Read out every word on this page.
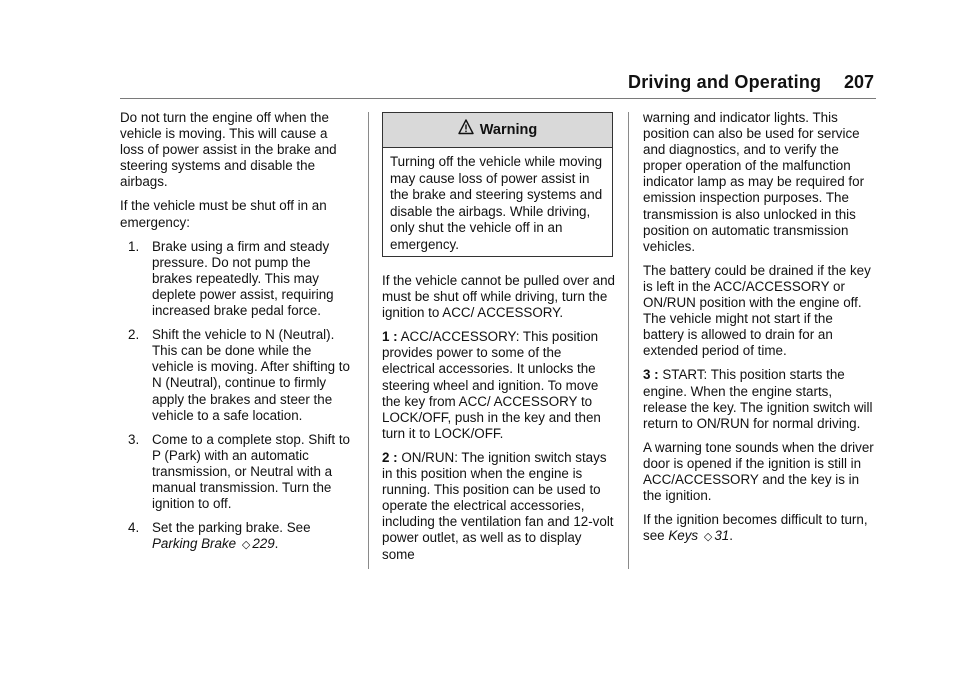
Driving and Operating 207

Do not turn the engine off when the vehicle is moving. This will cause a loss of power assist in the brake and steering systems and disable the airbags.

If the vehicle must be shut off in an emergency:

1. Brake using a firm and steady pressure. Do not pump the brakes repeatedly. This may deplete power assist, requiring increased brake pedal force.
2. Shift the vehicle to N (Neutral). This can be done while the vehicle is moving. After shifting to N (Neutral), continue to firmly apply the brakes and steer the vehicle to a safe location.
3. Come to a complete stop. Shift to P (Park) with an automatic transmission, or Neutral with a manual transmission. Turn the ignition to off.
4. Set the parking brake. See
Parking Brake ◇ 229.
Warning
Turning off the vehicle while moving may cause loss of power assist in the brake and steering systems and disable the airbags. While driving, only shut the vehicle off in an emergency.

If the vehicle cannot be pulled over and must be shut off while driving, turn the ignition to ACC/ ACCESSORY.

1 : ACC/ACCESSORY: This position provides power to some of the electrical accessories. It unlocks the steering wheel and ignition. To move the key from ACC/ ACCESSORY to LOCK/OFF, push in the key and then turn it to LOCK/OFF.

2 : ON/RUN: The ignition switch stays in this position when the engine is running. This position can be used to operate the electrical accessories, including the ventilation fan and 12-volt power outlet, as well as to display some

warning and indicator lights. This position can also be used for service and diagnostics, and to verify the proper operation of the malfunction indicator lamp as may be required for emission inspection purposes. The transmission is also unlocked in this position on automatic transmission vehicles.

The battery could be drained if the key is left in the ACC/ACCESSORY or ON/RUN position with the engine off. The vehicle might not start if the battery is allowed to drain for an extended period of time.

3 : START: This position starts the engine. When the engine starts, release the key. The ignition switch will return to ON/RUN for normal driving.

A warning tone sounds when the driver door is opened if the ignition is still in ACC/ACCESSORY and the key is in the ignition.

If the ignition becomes difficult to turn, see Keys ◇ 31.
